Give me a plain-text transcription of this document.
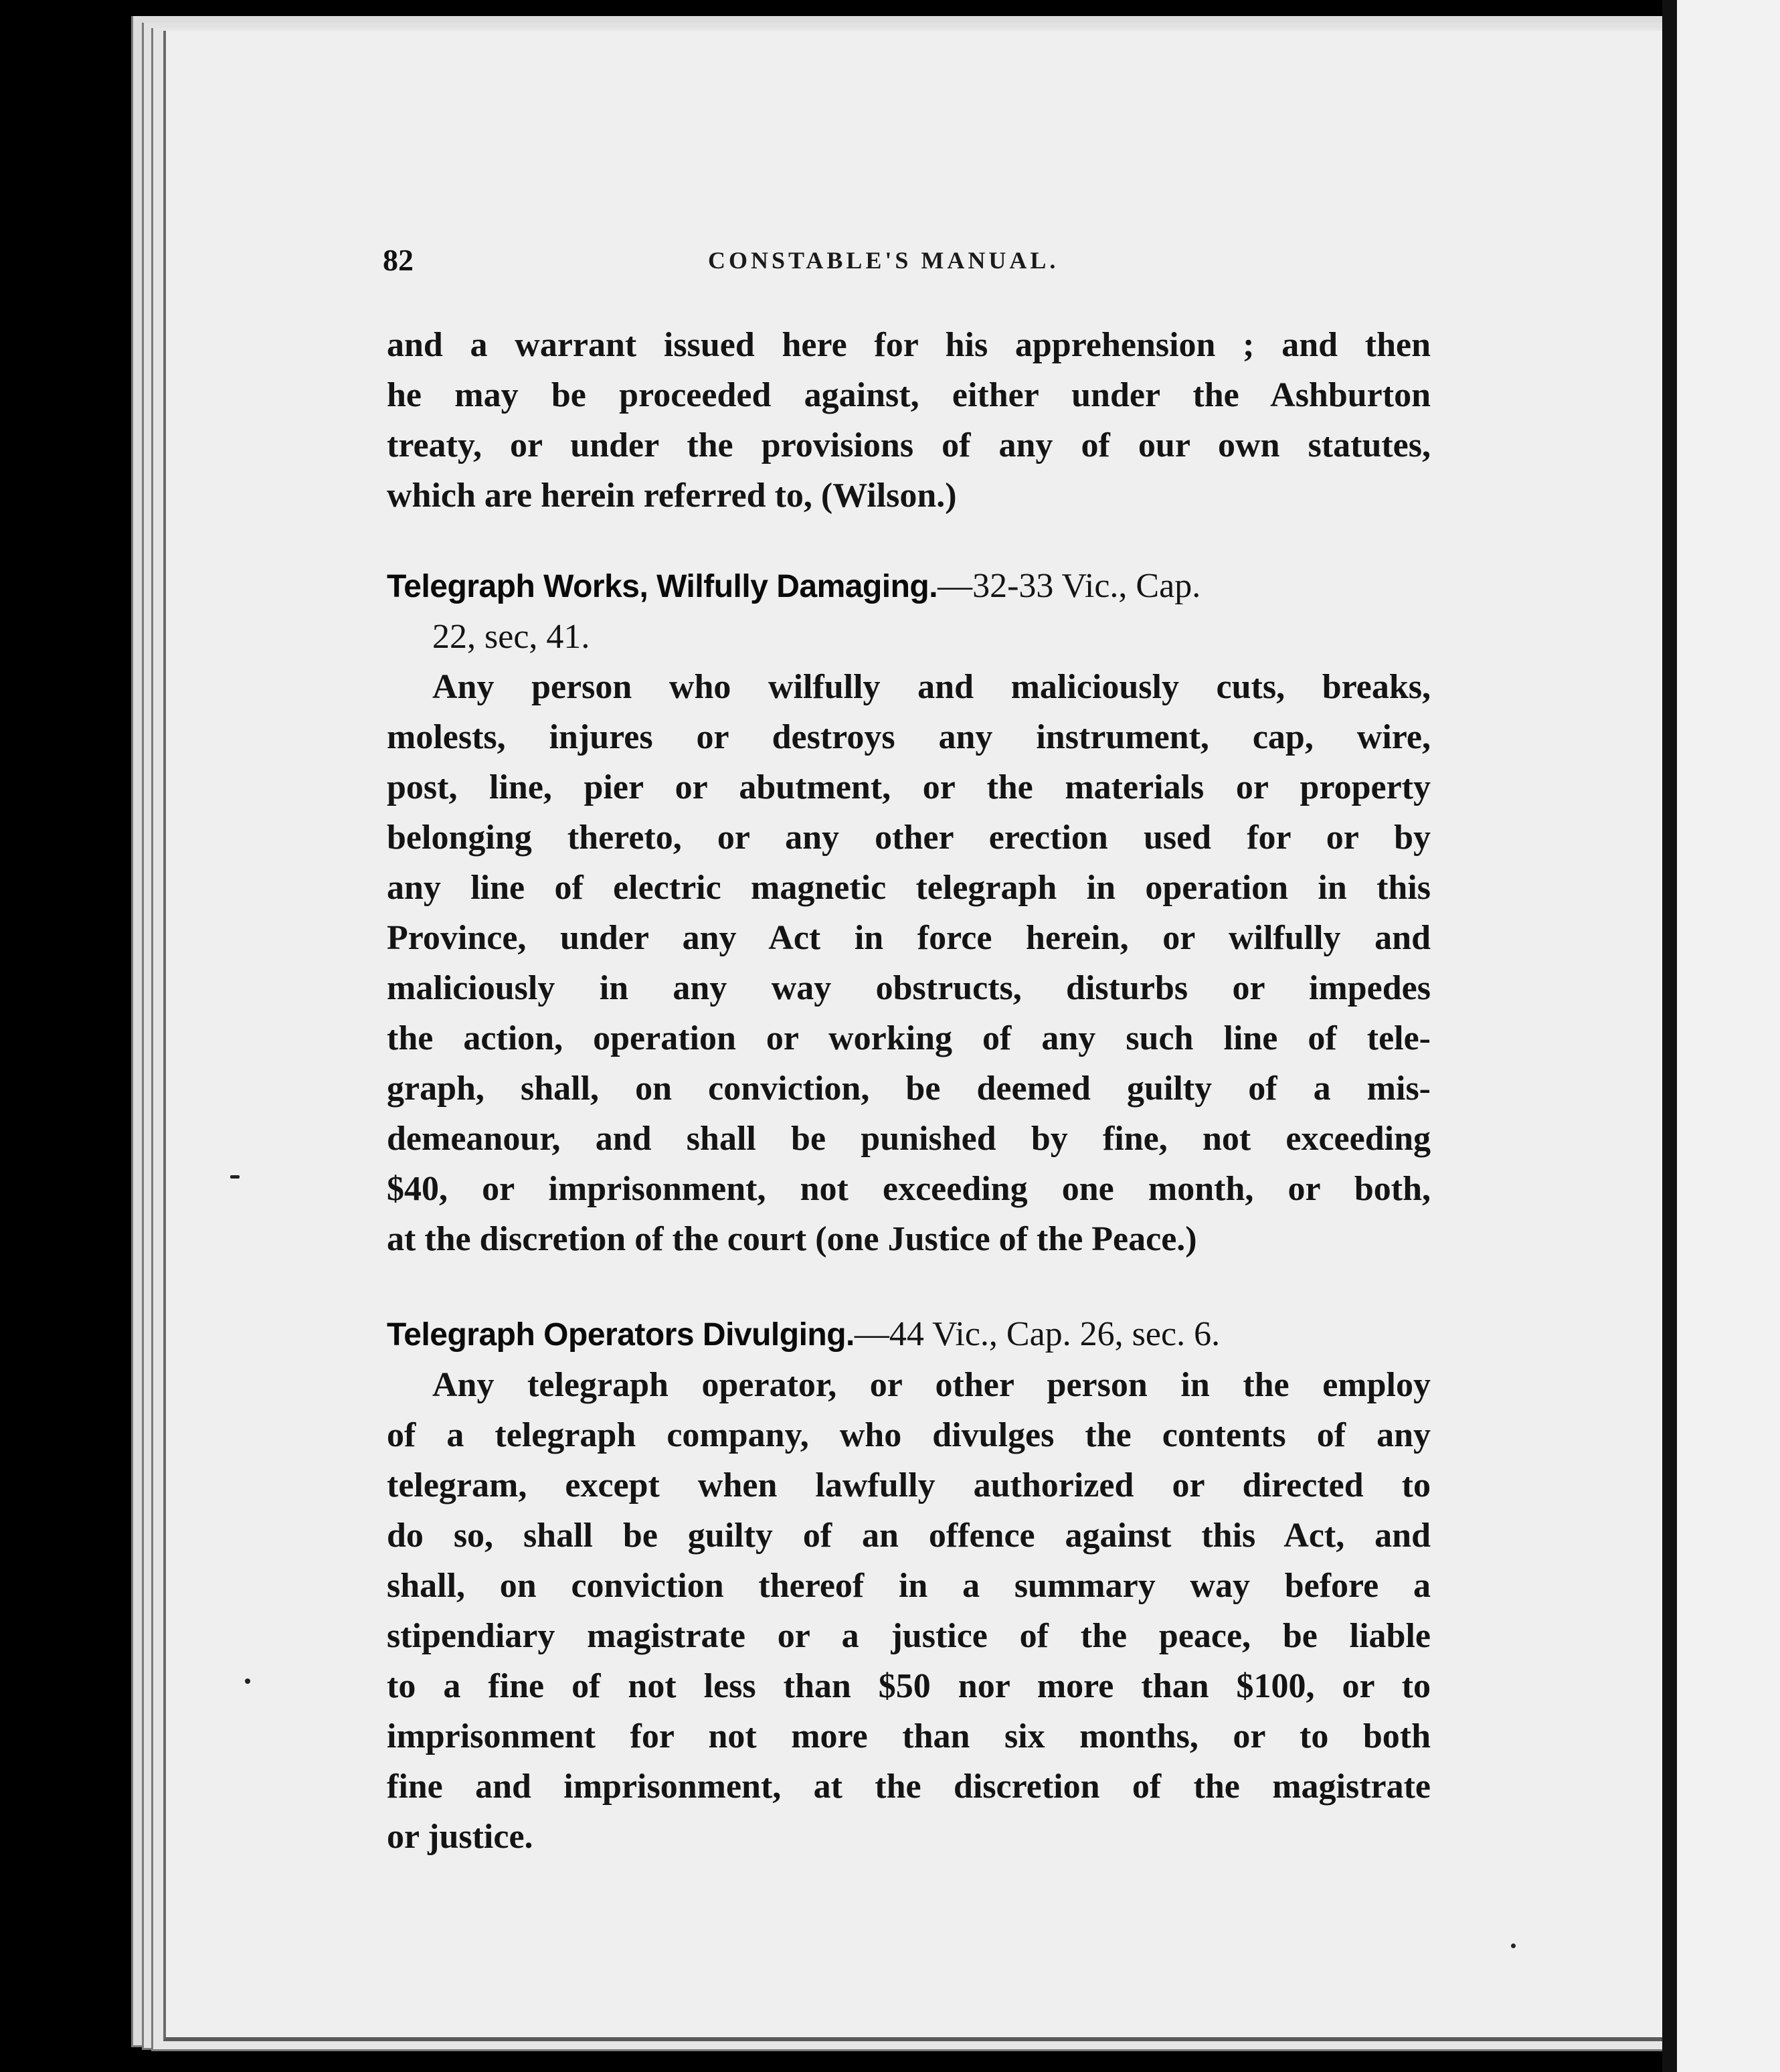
82	CONSTABLE'S MANUAL.
and a warrant issued here for his apprehension ; and then
he may be proceeded against, either under the Ashburton
treaty, or under the provisions of any of our own statutes,
which are herein referred to, (Wilson.)
Telegraph Works, Wilfully Damaging.—32-33 Vic., Cap.
22, sec, 41.
Any person who wilfully and maliciously cuts, breaks,
molests, injures or destroys any instrument, cap, wire,
post, line, pier or abutment, or the materials or property
belonging thereto, or any other erection used for or by
any line of electric magnetic telegraph in operation in this
Province, under any Act in force herein, or wilfully and
maliciously in any way obstructs, disturbs or impedes
the action, operation or working of any such line of tele-
graph, shall, on conviction, be deemed guilty of a mis-
demeanour, and shall be punished by fine, not exceeding
$40, or imprisonment, not exceeding one month, or both,
at the discretion of the court (one Justice of the Peace.)
Telegraph Operators Divulging.—44 Vic., Cap. 26, sec. 6.
Any telegraph operator, or other person in the employ
of a telegraph company, who divulges the contents of any
telegram, except when lawfully authorized or directed to
do so, shall be guilty of an offence against this Act, and
shall, on conviction thereof in a summary way before a
stipendiary magistrate or a justice of the peace, be liable
to a fine of not less than $50 nor more than $100, or to
imprisonment for not more than six months, or to both
fine and imprisonment, at the discretion of the magistrate
or justice.
